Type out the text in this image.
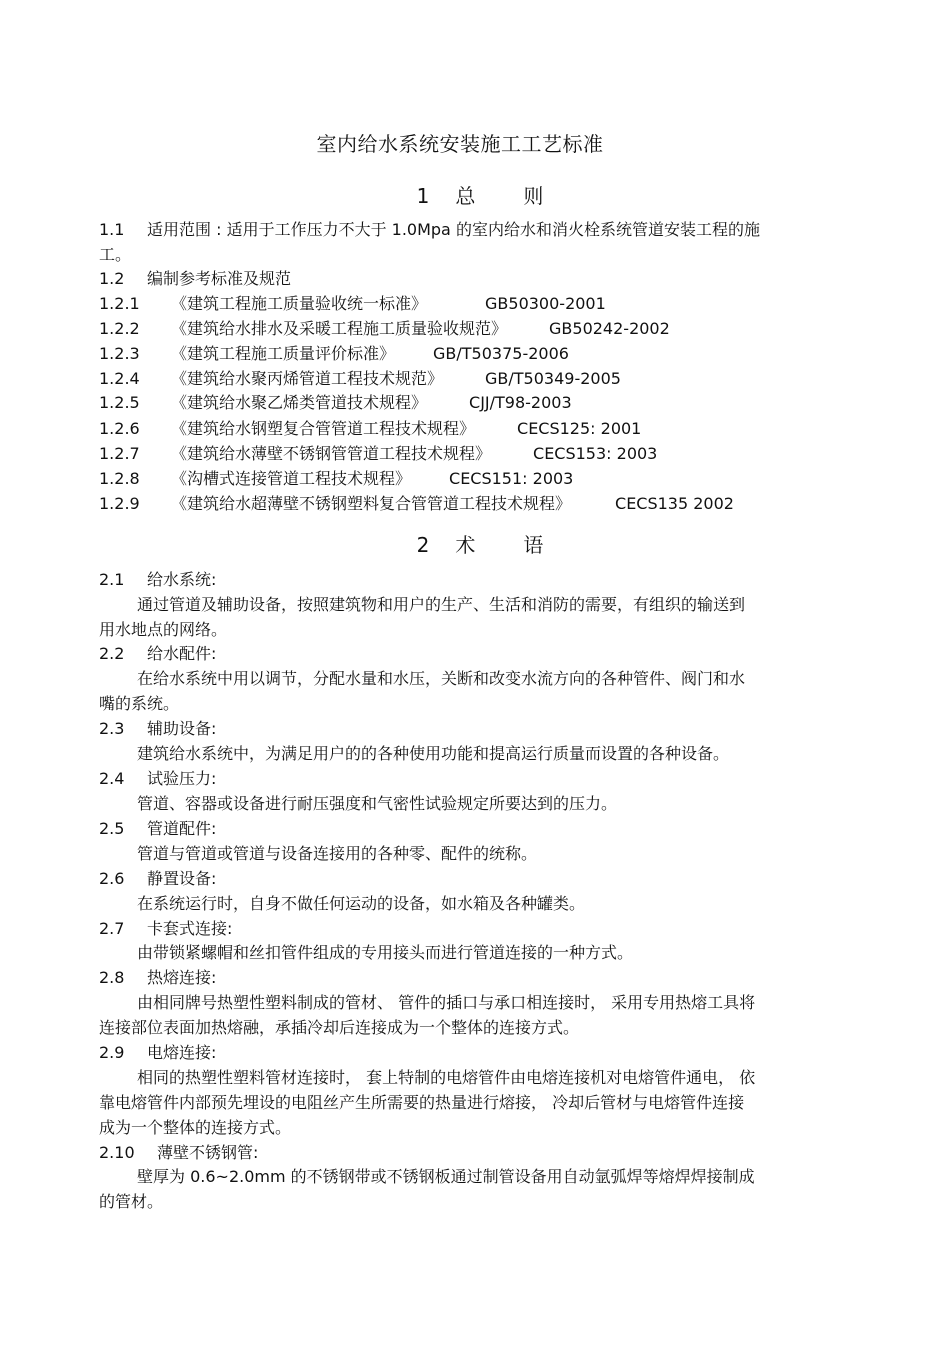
室内给水系统安装施工工艺标准
1 总 则
1.1 适用范围 : 适用于工作压力不大于 1.0Mpa 的室内给水和消火栓系统管道安装工程的施
工。
1.2 编制参考标准及规范
1.2.1 《建筑工程施工质量验收统一标准》	GB50300-2001
1.2.2 《建筑给水排水及采暖工程施工质量验收规范》	GB50242-2002
1.2.3 《建筑工程施工质量评价标准》 GB/T50375-2006
1.2.4 《建筑给水聚丙烯管道工程技术规范》	GB/T50349-2005
1.2.5 《建筑给水聚乙烯类管道技术规程》	CJJ/T98-2003
1.2.6 《建筑给水钢塑复合管管道工程技术规程》	CECS125: 2001
1.2.7 《建筑给水薄壁不锈钢管管道工程技术规程》	CECS153: 2003
1.2.8 《沟槽式连接管道工程技术规程》 CECS151: 2003
1.2.9 《建筑给水超薄壁不锈钢塑料复合管管道工程技术规程》	CECS135 2002
2 术 语
2.1 给水系统:
通过管道及辅助设备，按照建筑物和用户的生产、生活和消防的需要，有组织的输送到
用水地点的网络。
2.2 给水配件:
在给水系统中用以调节，分配水量和水压，关断和改变水流方向的各种管件、阀门和水
嘴的系统。
2.3 辅助设备:
建筑给水系统中，为满足用户的的各种使用功能和提高运行质量而设置的各种设备。
2.4 试验压力:
管道、容器或设备进行耐压强度和气密性试验规定所要达到的压力。
2.5 管道配件:
管道与管道或管道与设备连接用的各种零、配件的统称。
2.6 静置设备:
在系统运行时，自身不做任何运动的设备，如水箱及各种罐类。
2.7 卡套式连接:
由带锁紧螺帽和丝扣管件组成的专用接头而进行管道连接的一种方式。
2.8 热熔连接:
由相同牌号热塑性塑料制成的管材、 管件的插口与承口相连接时， 采用专用热熔工具将
连接部位表面加热熔融，承插冷却后连接成为一个整体的连接方式。
2.9 电熔连接:
相同的热塑性塑料管材连接时， 套上特制的电熔管件由电熔连接机对电熔管件通电， 依
靠电熔管件内部预先埋设的电阻丝产生所需要的热量进行熔接， 冷却后管材与电熔管件连接
成为一个整体的连接方式。
2.10 薄壁不锈钢管:
壁厚为 0.6~2.0mm 的不锈钢带或不锈钢板通过制管设备用自动氩弧焊等熔焊焊接制成
的管材。
